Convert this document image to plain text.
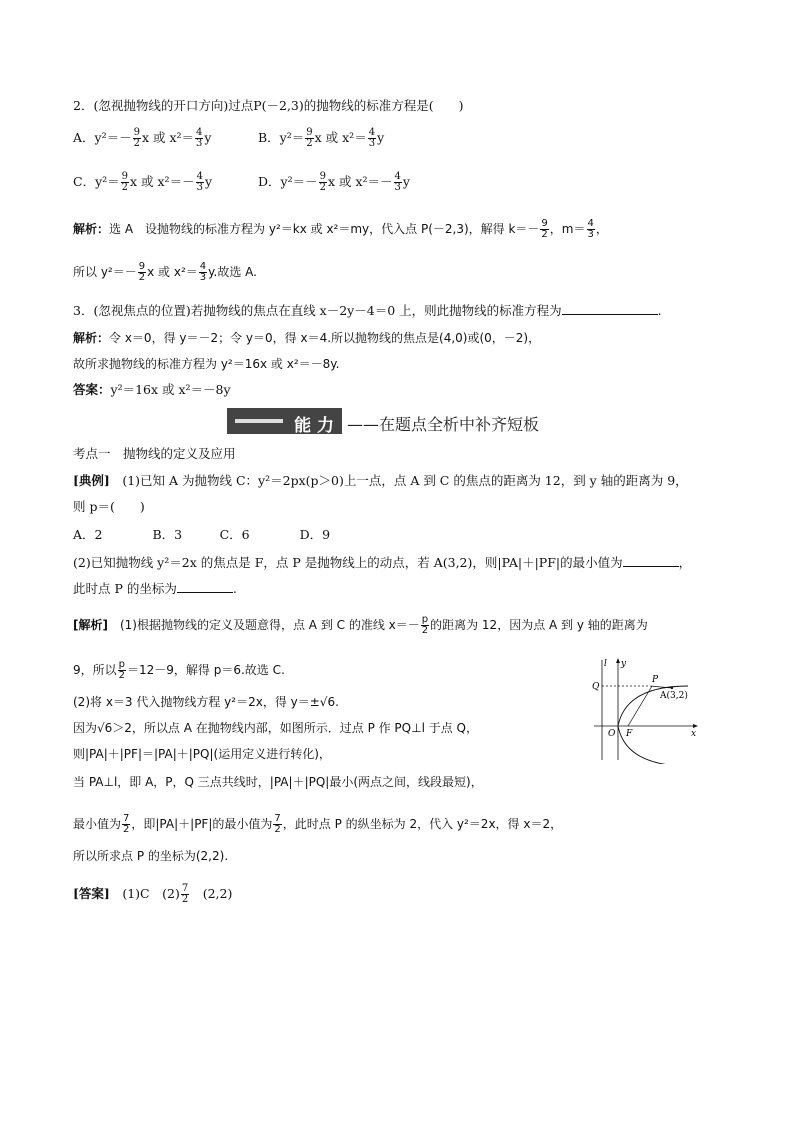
2．(忽视抛物线的开口方向)过点P(－2,3)的抛物线的标准方程是(　　)
A．$y^2=- \frac{9}{2}$ x 或 $x^2= \frac{4}{3}$ y	B．$y^2= \frac{9}{2}$ x 或 $x^2= \frac{4}{3}$ y
C．$y^2= \frac{9}{2}$ x 或 $x^2=- \frac{4}{3}$ y	D．$y^2=- \frac{9}{2}$ x 或 $x^2=- \frac{4}{3}$ y
解析：选 A　设抛物线的标准方程为 y²＝kx 或 x²＝my，代入点 P(－2,3)，解得 $k=- \frac{9}{2}$ ，$m= \frac{4}{3}$ ，
所以 $y^2=- \frac{9}{2}$ x 或 $x^2= \frac{4}{3} y$.故选 A.
3．(忽视焦点的位置)若抛物线的焦点在直线 x－2y－4＝0 上，则此抛物线的标准方程为	.
解析：令 x＝0，得 y＝－2；令 y＝0，得 x＝4.所以抛物线的焦点是(4,0)或(0，－2)，
故所求抛物线的标准方程为 y²＝16x 或 x²＝－8y.
答案：y²＝16x 或 x²＝－8y
能 力 ——在题点全析中补齐短板
考点一　抛物线的定义及应用
[典例]　(1)已知 A 为抛物线 C：y²＝2px(p＞0)上一点，点 A 到 C 的焦点的距离为 12，到 y 轴的距离为 9，
则 p＝(　　)
A．2　　　　B．3　　　C．6　　　　D．9
(2)已知抛物线 y²＝2x 的焦点是 F，点 P 是抛物线上的动点，若 A(3,2)，则|PA|＋|PF|的最小值为	，
此时点 P 的坐标为	.
[解析]　(1)根据抛物线的定义及题意得，点 A 到 C 的准线 $x=- \frac{p}{2}$ 的距离为 12，因为点 A 到 y 轴的距离为
9，所以 $\frac{p}{2} =12-9$，解得 p＝6.故选 C.
(2)将 x＝3 代入抛物线方程 y²＝2x，得 y＝±√6.
因为√6＞2，所以点 A 在抛物线内部，如图所示．过点 P 作 PQ⊥l 于点 Q，
则|PA|＋|PF|＝|PA|＋|PQ|(运用定义进行转化)，
当 PA⊥l，即 A，P，Q 三点共线时，|PA|＋|PQ|最小(两点之间，线段最短)，
最小值为 $\frac{7}{2}$ ，即|PA|＋|PF|的最小值为 $\frac{7}{2}$ ，此时点 P 的纵坐标为 2，代入 y²＝2x，得 x＝2，
所以所求点 P 的坐标为(2,2).
[答案]　(1)C　$(2) \frac{7}{2}$ 　(2,2)
l y
x
Q
P
A(3,2)
O F
